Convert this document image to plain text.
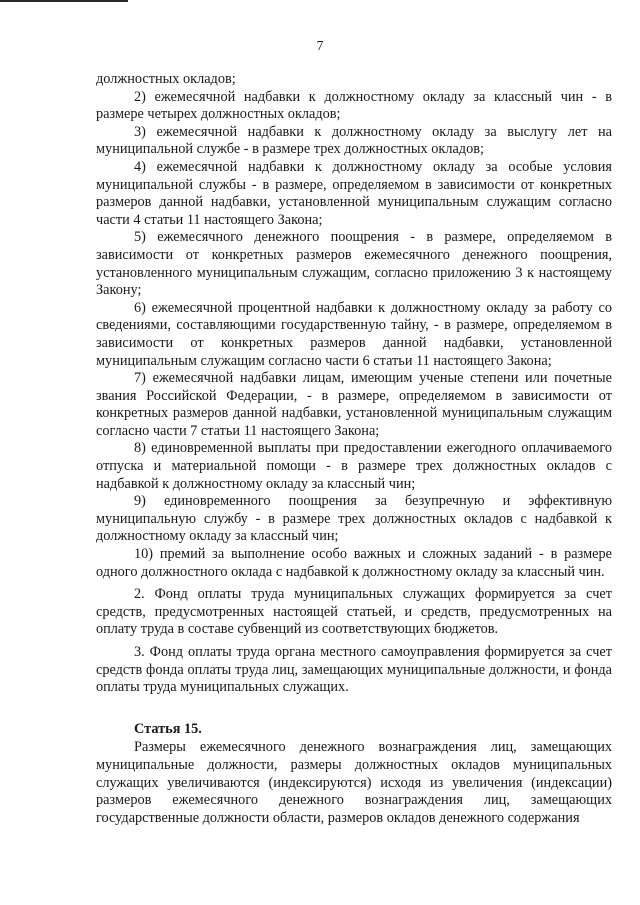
7

должностных окладов;

2) ежемесячной надбавки к должностному окладу за классный чин - в размере четырех должностных окладов;

3) ежемесячной надбавки к должностному окладу за выслугу лет на муниципальной службе - в размере трех должностных окладов;

4) ежемесячной надбавки к должностному окладу за особые условия муниципальной службы - в размере, определяемом в зависимости от конкретных размеров данной надбавки, установленной муниципальным служащим согласно части 4 статьи 11 настоящего Закона;

5) ежемесячного денежного поощрения - в размере, определяемом в зависимости от конкретных размеров ежемесячного денежного поощрения, установленного муниципальным служащим, согласно приложению 3 к настоящему Закону;

6) ежемесячной процентной надбавки к должностному окладу за работу со сведениями, составляющими государственную тайну, - в размере, определяемом в зависимости от конкретных размеров данной надбавки, установленной муниципальным служащим согласно части 6 статьи 11 настоящего Закона;

7) ежемесячной надбавки лицам, имеющим ученые степени или почетные звания Российской Федерации, - в размере, определяемом в зависимости от конкретных размеров данной надбавки, установленной муниципальным служащим согласно части 7 статьи 11 настоящего Закона;

8) единовременной выплаты при предоставлении ежегодного оплачиваемого отпуска и материальной помощи - в размере трех должностных окладов с надбавкой к должностному окладу за классный чин;

9) единовременного поощрения за безупречную и эффективную муниципальную службу - в размере трех должностных окладов с надбавкой к должностному окладу за классный чин;

10) премий за выполнение особо важных и сложных заданий - в размере одного должностного оклада с надбавкой к должностному окладу за классный чин.

2. Фонд оплаты труда муниципальных служащих формируется за счет средств, предусмотренных настоящей статьей, и средств, предусмотренных на оплату труда в составе субвенций из соответствующих бюджетов.

3. Фонд оплаты труда органа местного самоуправления формируется за счет средств фонда оплаты труда лиц, замещающих муниципальные должности, и фонда оплаты труда муниципальных служащих.

Статья 15.

Размеры ежемесячного денежного вознаграждения лиц, замещающих муниципальные должности, размеры должностных окладов муниципальных служащих увеличиваются (индексируются) исходя из увеличения (индексации) размеров ежемесячного денежного вознаграждения лиц, замещающих государственные должности области, размеров окладов денежного содержания
